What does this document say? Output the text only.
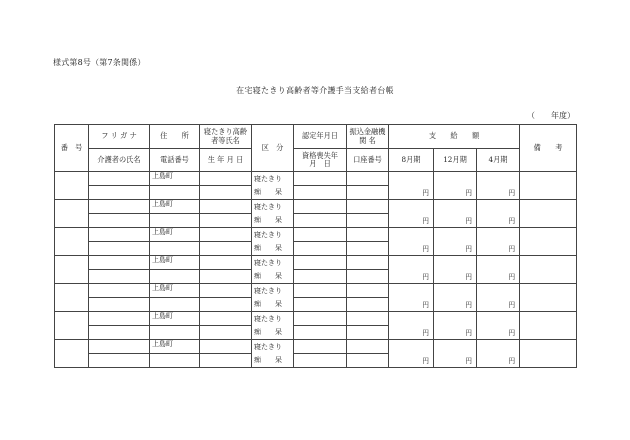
様式第8号（第7条関係）
在宅寝たきり高齢者等介護手当支給者台帳
（　　年度）
番　号	フ リ ガ ナ	住　　所	寝たきり高齢者等氏名	区　分	認定年月日	振込金融機 関 名	支　　給　　額			備　　考
	介護者の氏名	電話番号	生 年 月 日		資格喪失年　月　日	口座番号	8月期	12月期	4月期	
		上島町		寝たきり			円	円	円	
				痴　　呆						
		上島町		寝たきり			円	円	円	
				痴　　呆						
		上島町		寝たきり			円	円	円	
				痴　　呆						
		上島町		寝たきり			円	円	円	
				痴　　呆						
		上島町		寝たきり			円	円	円	
				痴　　呆						
		上島町		寝たきり			円	円	円	
				痴　　呆						
		上島町		寝たきり			円	円	円	
				痴　　呆						
